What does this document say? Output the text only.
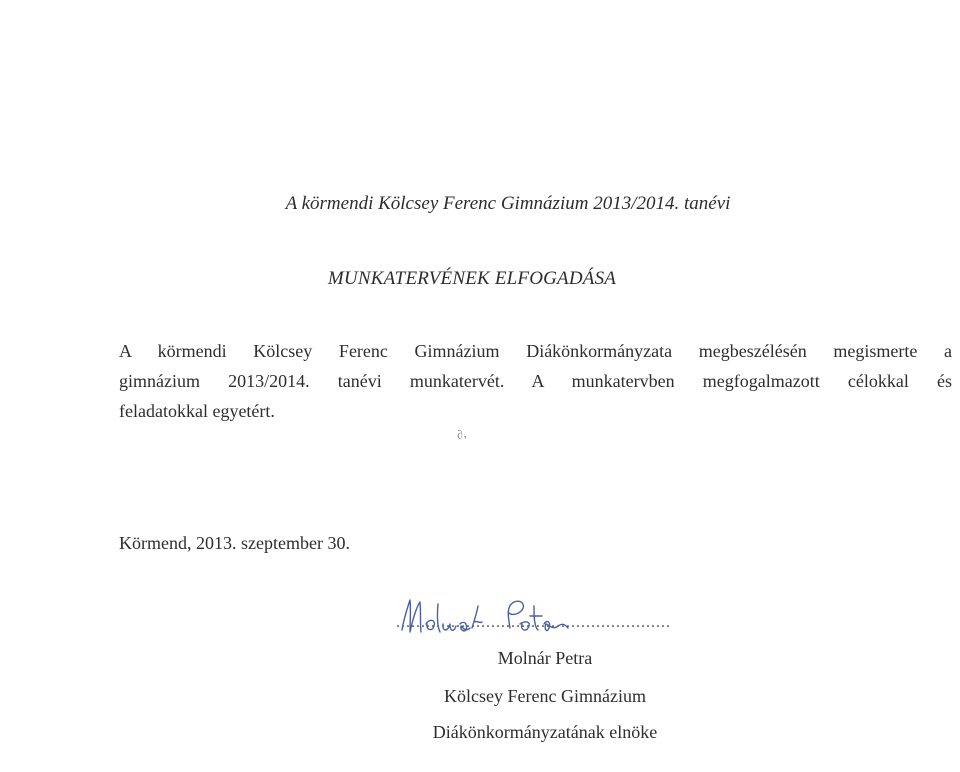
A körmendi Kölcsey Ferenc Gimnázium 2013/2014. tanévi
MUNKATERVÉNEK ELFOGADÁSA
A körmendi Kölcsey Ferenc Gimnázium Diákönkormányzata megbeszélésén megismerte a
gimnázium 2013/2014. tanévi munkatervét. A munkatervben megfogalmazott célokkal és
feladatokkal egyetért.
∂,
Körmend, 2013. szeptember 30.
.......................................................
Molnár Petra
Kölcsey Ferenc Gimnázium
Diákönkormányzatának elnöke
